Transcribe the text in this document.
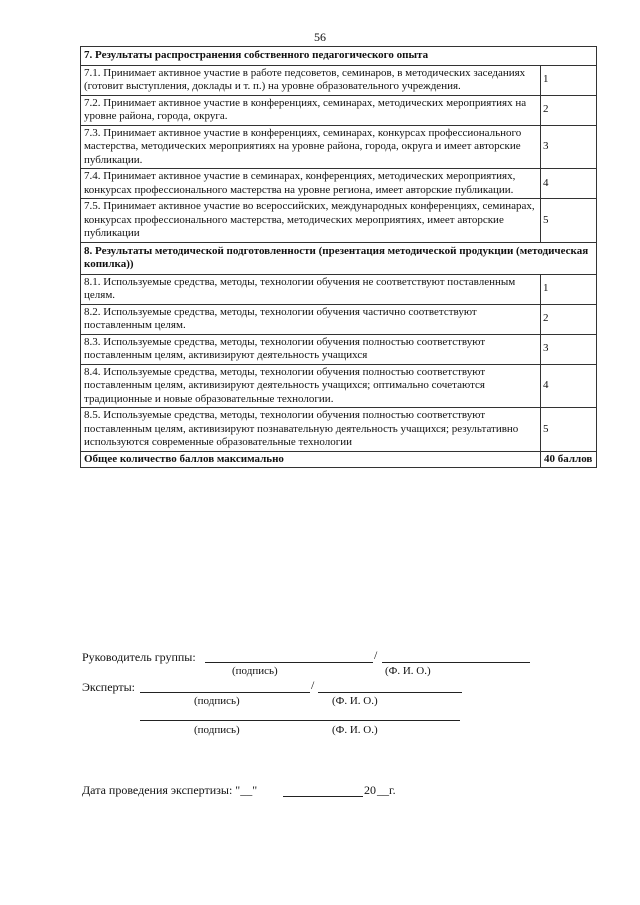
56
7. Результаты распространения собственного педагогического опыта	
7.1. Принимает активное участие в работе педсоветов, семинаров, в методических заседаниях (готовит выступления, доклады и т. п.) на уровне образовательного учреждения.	1
7.2. Принимает активное участие в конференциях, семинарах, методических мероприятиях на уровне района, города, округа.	2
7.3. Принимает активное участие в конференциях, семинарах, конкурсах профессионального мастерства, методических мероприятиях на уровне района, города, округа и имеет авторские публикации.	3
7.4. Принимает активное участие в семинарах, конференциях, методических мероприятиях, конкурсах профессионального мастерства на уровне региона, имеет авторские публикации.	4
7.5. Принимает активное участие во всероссийских, международных конференциях, семинарах, конкурсах профессионального мастерства, методических мероприятиях, имеет авторские публикации	5
8. Результаты методической подготовленности (презентация методической продукции (методическая копилка))	
8.1. Используемые средства, методы, технологии обучения не соответствуют поставленным целям.	1
8.2. Используемые средства, методы, технологии обучения частично соответствуют поставленным целям.	2
8.3. Используемые средства, методы, технологии обучения полностью соответствуют поставленным целям, активизируют деятельность учащихся	3
8.4. Используемые средства, методы, технологии обучения полностью соответствуют поставленным целям, активизируют деятельность учащихся; оптимально сочетаются традиционные и новые образовательные технологии.	4
8.5. Используемые средства, методы, технологии обучения полностью соответствуют поставленным целям, активизируют познавательную деятельность учащихся; результативно используются современные образовательные технологии	5
Общее количество баллов максимально	40 баллов
Руководитель группы:	/
(подпись)	(Ф. И. О.)
Эксперты:	/
(подпись)	(Ф. И. О.)
(подпись)	(Ф. И. О.)
Дата проведения экспертизы: "__"	20 __г.
